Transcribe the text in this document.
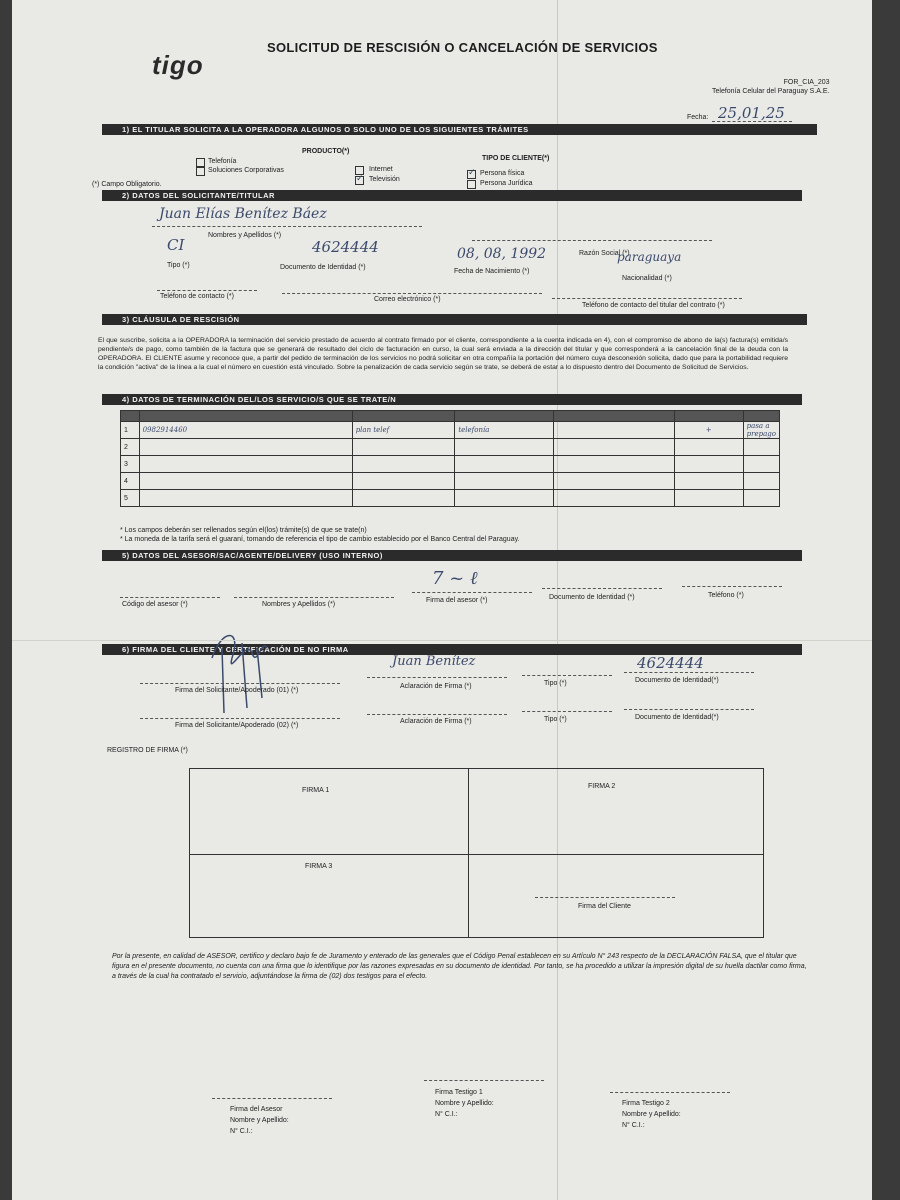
tigo
SOLICITUD DE RESCISIÓN O CANCELACIÓN DE SERVICIOS
FOR_CIA_203
Telefonía Celular del Paraguay S.A.E.
Fecha: 25,01,25
1) EL TITULAR SOLICITA A LA OPERADORA ALGUNOS O SOLO UNO DE LOS SIGUIENTES TRÁMITES
PRODUCTO(*)
Telefonía
Soluciones Corporativas	Internet
✓ Televisión
TIPO DE CLIENTE(*)
✓ Persona física
Persona Jurídica
(*) Campo Obligatorio.
2) DATOS DEL SOLICITANTE/TITULAR
Juan Elías Benítez Báez
Nombres y Apellidos (*)
CI
Tipo (*)
4624444
Documento de Identidad (*)
08, 08, 1992
Fecha de Nacimiento (*)
Razón Social (*)
paraguaya
Nacionalidad (*)
Teléfono de contacto (*)	Correo electrónico (*)
Teléfono de contacto del titular del contrato (*)
3) CLÁUSULA DE RESCISIÓN
El que suscribe, solicita a la OPERADORA la terminación del servicio prestado de acuerdo al contrato firmado por el cliente, correspondiente a la cuenta indicada en 4), con el compromiso de abono de la(s) factura(s) emitida/s pendiente/s de pago, como también de la factura que se generará de resultado del ciclo de facturación en curso, la cual será enviada a la dirección del titular y que corresponderá a la cancelación final de la deuda con la OPERADORA. El CLIENTE asume y reconoce que, a partir del pedido de terminación de los servicios no podrá solicitar en otra compañía la portación del número cuya desconexión solicita, dado que para la portabilidad requiere la condición "activa" de la línea a la cual el número en cuestión está vinculado. Sobre la penalización de cada servicio según se trate, se deberá de estar a lo dispuesto dentro del Documento de Solicitud de Servicios.
4) DATOS DE TERMINACIÓN DEL/LOS SERVICIO/S QUE SE TRATE/N

1	0982914460	plan telef	telefonía		+	pasa a prepago
2						
3						
4						
5						
* Los campos deberán ser rellenados según el(los) trámite(s) de que se trate(n)
* La moneda de la tarifa será el guaraní, tomando de referencia el tipo de cambio establecido por el Banco Central del Paraguay.
5) DATOS DEL ASESOR/SAC/AGENTE/DELIVERY (USO INTERNO)
7 ~ ℓ
Código del asesor (*)	Nombres y Apellidos (*)
Firma del asesor (*)	Documento de Identidad (*)	Teléfono (*)
6) FIRMA DEL CLIENTE Y CERTIFICACIÓN DE NO FIRMA
Firma del Solicitante/Apoderado (01) (*)
Juan Benítez
Aclaración de Firma (*)	Tipo (*)
4624444
Documento de Identidad(*)
Firma del Solicitante/Apoderado (02) (*)
Aclaración de Firma (*)	Tipo (*)	Documento de Identidad(*)
REGISTRO DE FIRMA (*)
FIRMA 1
FIRMA 2
FIRMA 3
Firma del Cliente
Por la presente, en calidad de ASESOR, certifico y declaro bajo fe de Juramento y enterado de las generales que el Código Penal establecen en su Artículo N° 243 respecto de la DECLARACIÓN FALSA, que el titular que figura en el presente documento, no cuenta con una firma que lo identifique por las razones expresadas en su documento de identidad. Por tanto, se ha procedido a utilizar la impresión digital de su huella dactilar como firma, a través de la cual ha contratado el servicio, adjuntándose la firma de (02) dos testigos para el efecto.
Firma del Asesor
Nombre y Apellido:
N° C.I.:
Firma Testigo 1
Nombre y Apellido:
N° C.I.:
Firma Testigo 2
Nombre y Apellido:
N° C.I.:
